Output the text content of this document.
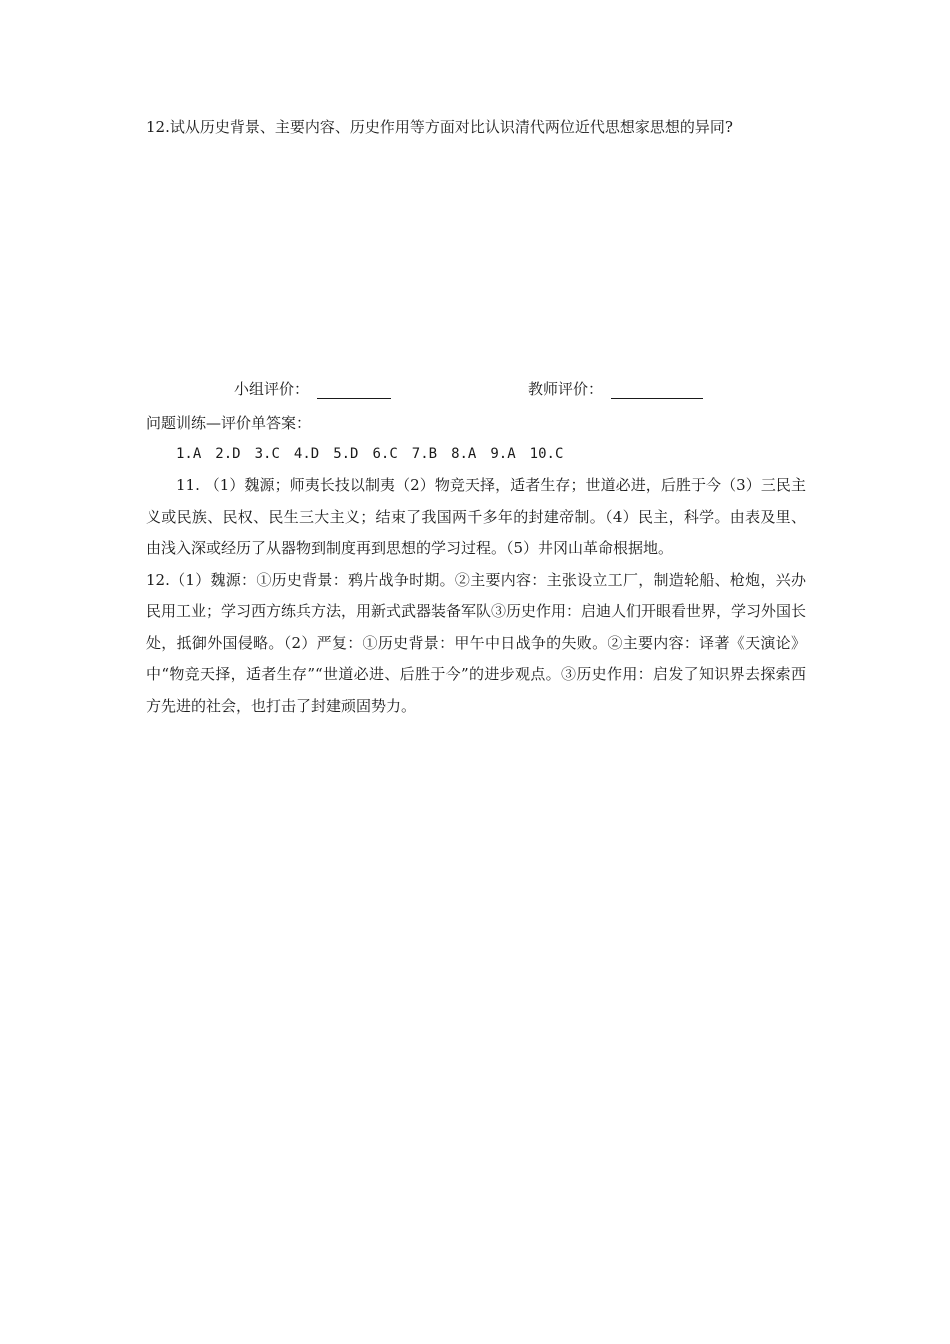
12.试从历史背景、主要内容、历史作用等方面对比认识清代两位近代思想家思想的异同?
小组评价：	教师评价：
问题训练—评价单答案：
1.A 2.D 3.C 4.D 5.D 6.C 7.B 8.A 9.A 10.C
11. （1）魏源；师夷长技以制夷（2）物竞天择，适者生存；世道必进，后胜于今（3）三民主义或民族、民权、民生三大主义；结束了我国两千多年的封建帝制。（4）民主，科学。由表及里、由浅入深或经历了从器物到制度再到思想的学习过程。（5）井冈山革命根据地。
12.（1）魏源：①历史背景：鸦片战争时期。②主要内容：主张设立工厂，制造轮船、枪炮，兴办民用工业；学习西方练兵方法，用新式武器装备军队③历史作用：启迪人们开眼看世界，学习外国长处，抵御外国侵略。（2）严复：①历史背景：甲午中日战争的失败。②主要内容：译著《天演论》中“物竞天择，适者生存”“世道必进、后胜于今”的进步观点。③历史作用：启发了知识界去探索西方先进的社会，也打击了封建顽固势力。
